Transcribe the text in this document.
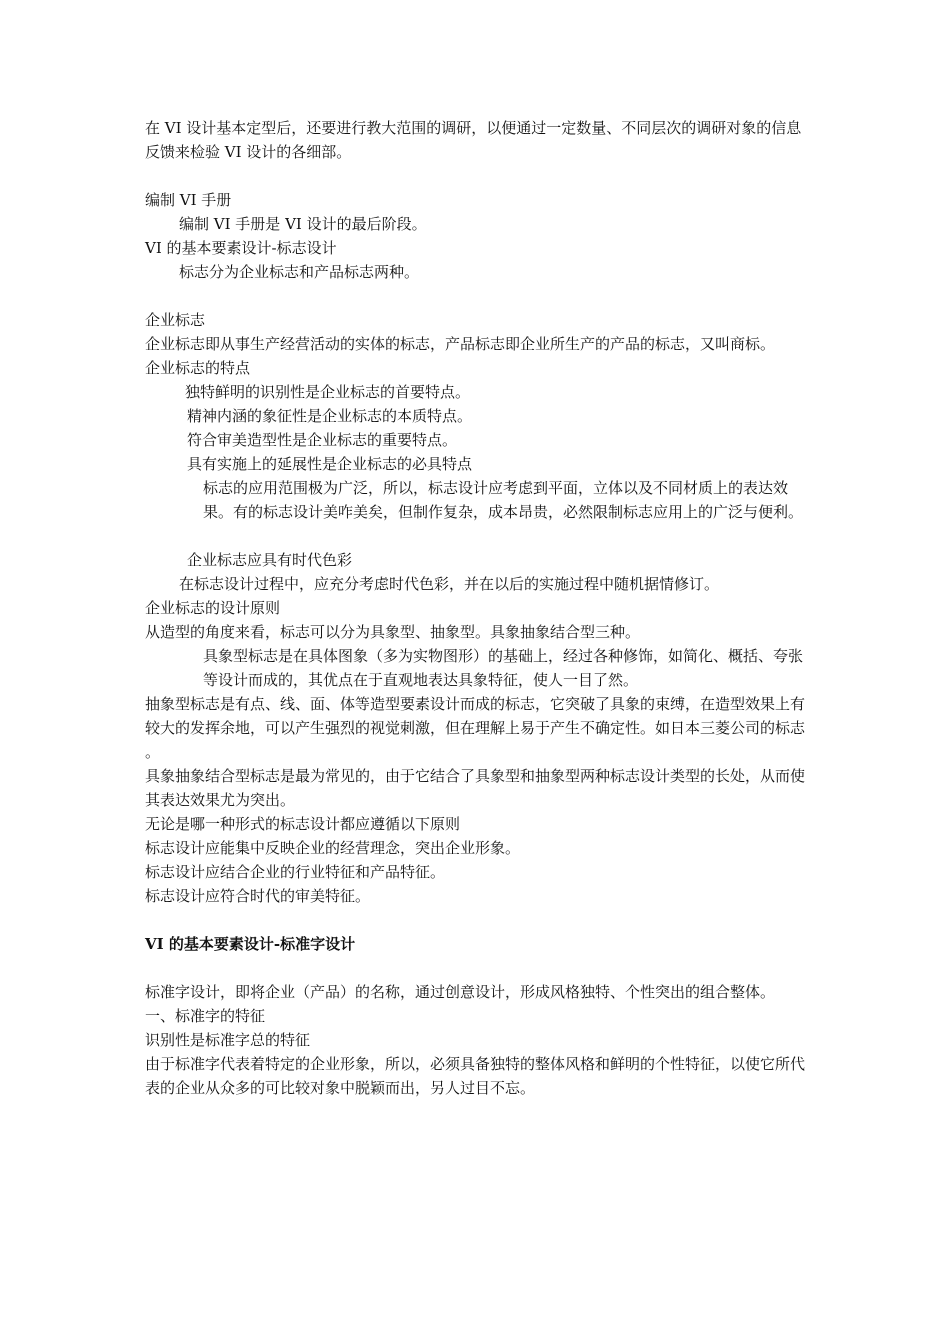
在 VI 设计基本定型后，还要进行教大范围的调研，以便通过一定数量、不同层次的调研对象的信息反馈来检验 VI 设计的各细部。

编制 VI 手册

编制 VI 手册是 VI 设计的最后阶段。

VI 的基本要素设计-标志设计

标志分为企业标志和产品标志两种。

企业标志

企业标志即从事生产经营活动的实体的标志，产品标志即企业所生产的产品的标志，又叫商标。

企业标志的特点

独特鲜明的识别性是企业标志的首要特点。

精神内涵的象征性是企业标志的本质特点。

符合审美造型性是企业标志的重要特点。

具有实施上的延展性是企业标志的必具特点

标志的应用范围极为广泛，所以，标志设计应考虑到平面，立体以及不同材质上的表达效果。有的标志设计美咋美矣，但制作复杂，成本昂贵，必然限制标志应用上的广泛与便利。

企业标志应具有时代色彩

在标志设计过程中，应充分考虑时代色彩，并在以后的实施过程中随机据情修订。

企业标志的设计原则

从造型的角度来看，标志可以分为具象型、抽象型。具象抽象结合型三种。

具象型标志是在具体图象（多为实物图形）的基础上，经过各种修饰，如简化、概括、夸张等设计而成的，其优点在于直观地表达具象特征，使人一目了然。

抽象型标志是有点、线、面、体等造型要素设计而成的标志，它突破了具象的束缚，在造型效果上有较大的发挥余地，可以产生强烈的视觉刺激，但在理解上易于产生不确定性。如日本三菱公司的标志 。

具象抽象结合型标志是最为常见的，由于它结合了具象型和抽象型两种标志设计类型的长处，从而使其表达效果尤为突出。

无论是哪一种形式的标志设计都应遵循以下原则

标志设计应能集中反映企业的经营理念，突出企业形象。

标志设计应结合企业的行业特征和产品特征。

标志设计应符合时代的审美特征。

VI 的基本要素设计-标准字设计

标准字设计，即将企业（产品）的名称，通过创意设计，形成风格独特、个性突出的组合整体。

一、标准字的特征

识别性是标准字总的特征

由于标准字代表着特定的企业形象，所以，必须具备独特的整体风格和鲜明的个性特征，以使它所代表的企业从众多的可比较对象中脱颖而出，另人过目不忘。
